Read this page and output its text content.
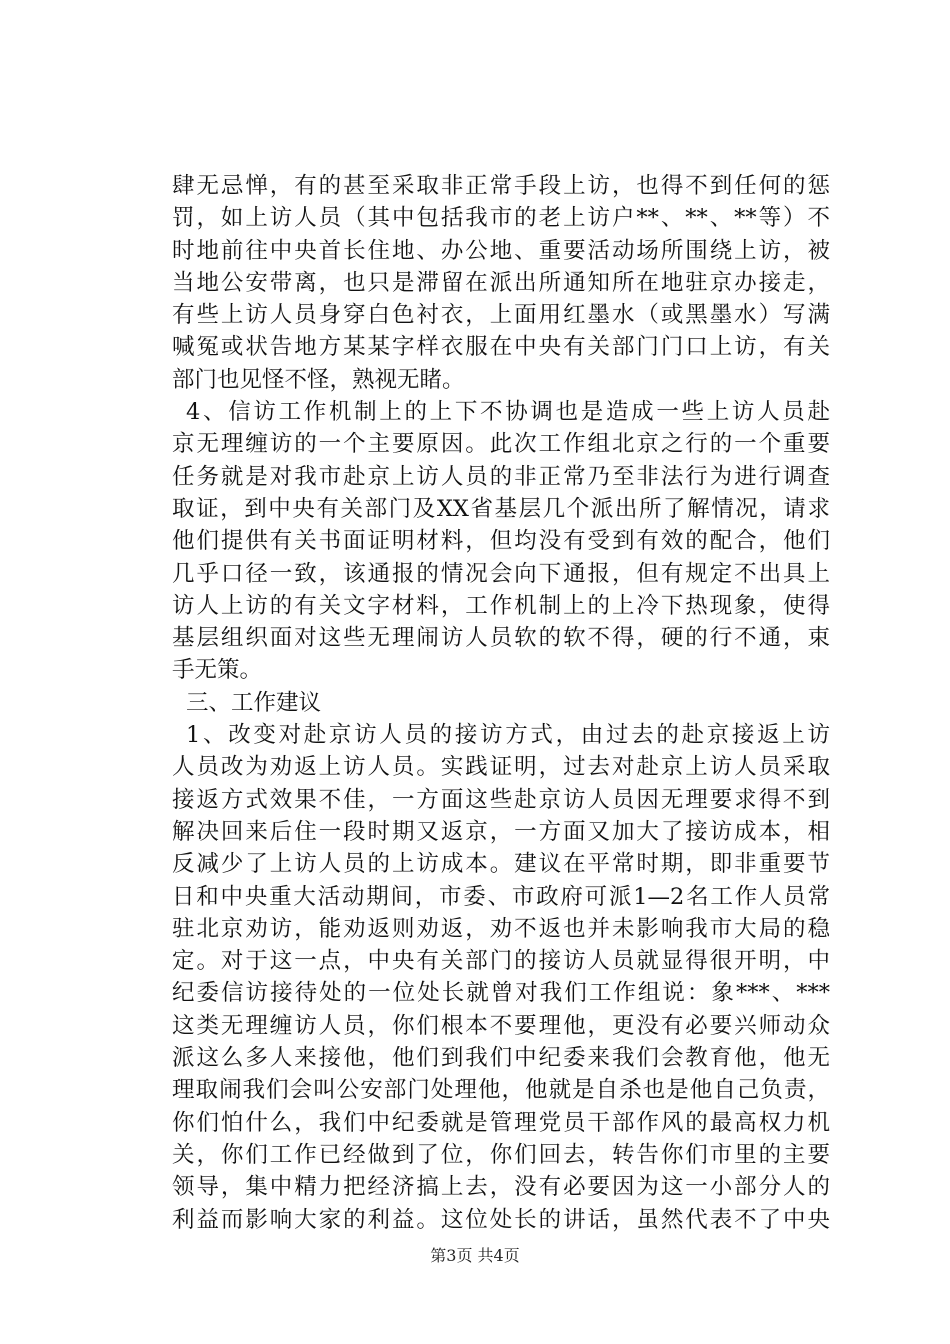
肆无忌惮，有的甚至采取非正常手段上访，也得不到任何的惩
罚，如上访人员（其中包括我市的老上访户**、**、**等）不
时地前往中央首长住地、办公地、重要活动场所围绕上访，被
当地公安带离，也只是滞留在派出所通知所在地驻京办接走，
有些上访人员身穿白色衬衣，上面用红墨水（或黑墨水）写满
喊冤或状告地方某某字样衣服在中央有关部门门口上访，有关
部门也见怪不怪，熟视无睹。
4、信访工作机制上的上下不协调也是造成一些上访人员赴
京无理缠访的一个主要原因。此次工作组北京之行的一个重要
任务就是对我市赴京上访人员的非正常乃至非法行为进行调查
取证，到中央有关部门及XX省基层几个派出所了解情况，请求
他们提供有关书面证明材料，但均没有受到有效的配合，他们
几乎口径一致，该通报的情况会向下通报，但有规定不出具上
访人上访的有关文字材料，工作机制上的上冷下热现象，使得
基层组织面对这些无理闹访人员软的软不得，硬的行不通，束
手无策。
三、工作建议
1、改变对赴京访人员的接访方式，由过去的赴京接返上访
人员改为劝返上访人员。实践证明，过去对赴京上访人员采取
接返方式效果不佳，一方面这些赴京访人员因无理要求得不到
解决回来后住一段时期又返京，一方面又加大了接访成本，相
反减少了上访人员的上访成本。建议在平常时期，即非重要节
日和中央重大活动期间，市委、市政府可派1—2名工作人员常
驻北京劝访，能劝返则劝返，劝不返也并未影响我市大局的稳
定。对于这一点，中央有关部门的接访人员就显得很开明，中
纪委信访接待处的一位处长就曾对我们工作组说：象***、***
这类无理缠访人员，你们根本不要理他，更没有必要兴师动众
派这么多人来接他，他们到我们中纪委来我们会教育他，他无
理取闹我们会叫公安部门处理他，他就是自杀也是他自己负责，
你们怕什么，我们中纪委就是管理党员干部作风的最高权力机
关，你们工作已经做到了位，你们回去，转告你们市里的主要
领导，集中精力把经济搞上去，没有必要因为这一小部分人的
利益而影响大家的利益。这位处长的讲话，虽然代表不了中央
第3页 共4页
